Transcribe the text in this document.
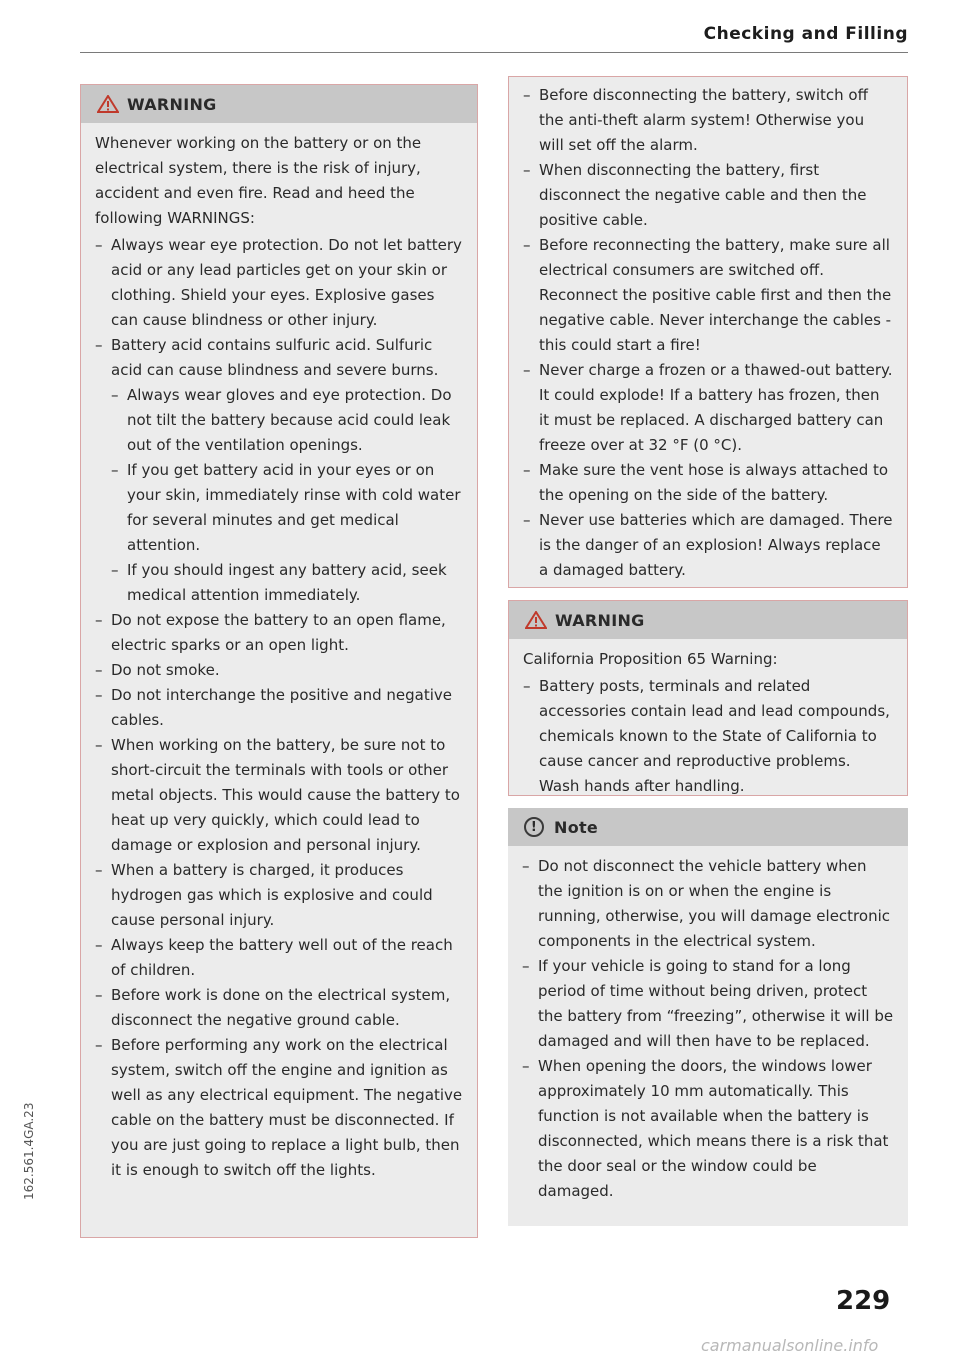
Checking and Filling
162.561.4GA.23
WARNING

Whenever working on the battery or on the electrical system, there is the risk of injury, accident and even fire. Read and heed the following WARNINGS:

– Always wear eye protection. Do not let battery acid or any lead particles get on your skin or clothing. Shield your eyes. Explosive gases can cause blindness or other injury.

– Battery acid contains sulfuric acid. Sulfuric acid can cause blindness and severe burns.

– Always wear gloves and eye protection. Do not tilt the battery because acid could leak out of the ventilation openings.

– If you get battery acid in your eyes or on your skin, immediately rinse with cold water for several minutes and get medical attention.

– If you should ingest any battery acid, seek medical attention immediately.

– Do not expose the battery to an open flame, electric sparks or an open light.

– Do not smoke.

– Do not interchange the positive and negative cables.

– When working on the battery, be sure not to short-circuit the terminals with tools or other metal objects. This would cause the battery to heat up very quickly, which could lead to damage or explosion and personal injury.

– When a battery is charged, it produces hydrogen gas which is explosive and could cause personal injury.

– Always keep the battery well out of the reach of children.

– Before work is done on the electrical system, disconnect the negative ground cable.

– Before performing any work on the electrical system, switch off the engine and ignition as well as any electrical equipment. The negative cable on the battery must be disconnected. If you are just going to replace a light bulb, then it is enough to switch off the lights.

– Before disconnecting the battery, switch off the anti-theft alarm system! Otherwise you will set off the alarm.

– When disconnecting the battery, first disconnect the negative cable and then the positive cable.

– Before reconnecting the battery, make sure all electrical consumers are switched off. Reconnect the positive cable first and then the negative cable. Never interchange the cables - this could start a fire!

– Never charge a frozen or a thawed-out battery. It could explode! If a battery has frozen, then it must be replaced. A discharged battery can freeze over at 32 °F (0 °C).

– Make sure the vent hose is always attached to the opening on the side of the battery.

– Never use batteries which are damaged. There is the danger of an explosion! Always replace a damaged battery.

WARNING

California Proposition 65 Warning:

– Battery posts, terminals and related accessories contain lead and lead compounds, chemicals known to the State of California to cause cancer and reproductive problems. Wash hands after handling.

!	Note

– Do not disconnect the vehicle battery when the ignition is on or when the engine is running, otherwise, you will damage electronic components in the electrical system.

– If your vehicle is going to stand for a long period of time without being driven, protect the battery from “freezing”, otherwise it will be damaged and will then have to be replaced.

– When opening the doors, the windows lower approximately 10 mm automatically. This function is not available when the battery is disconnected, which means there is a risk that the door seal or the window could be damaged.

229
carmanualsonline.info
